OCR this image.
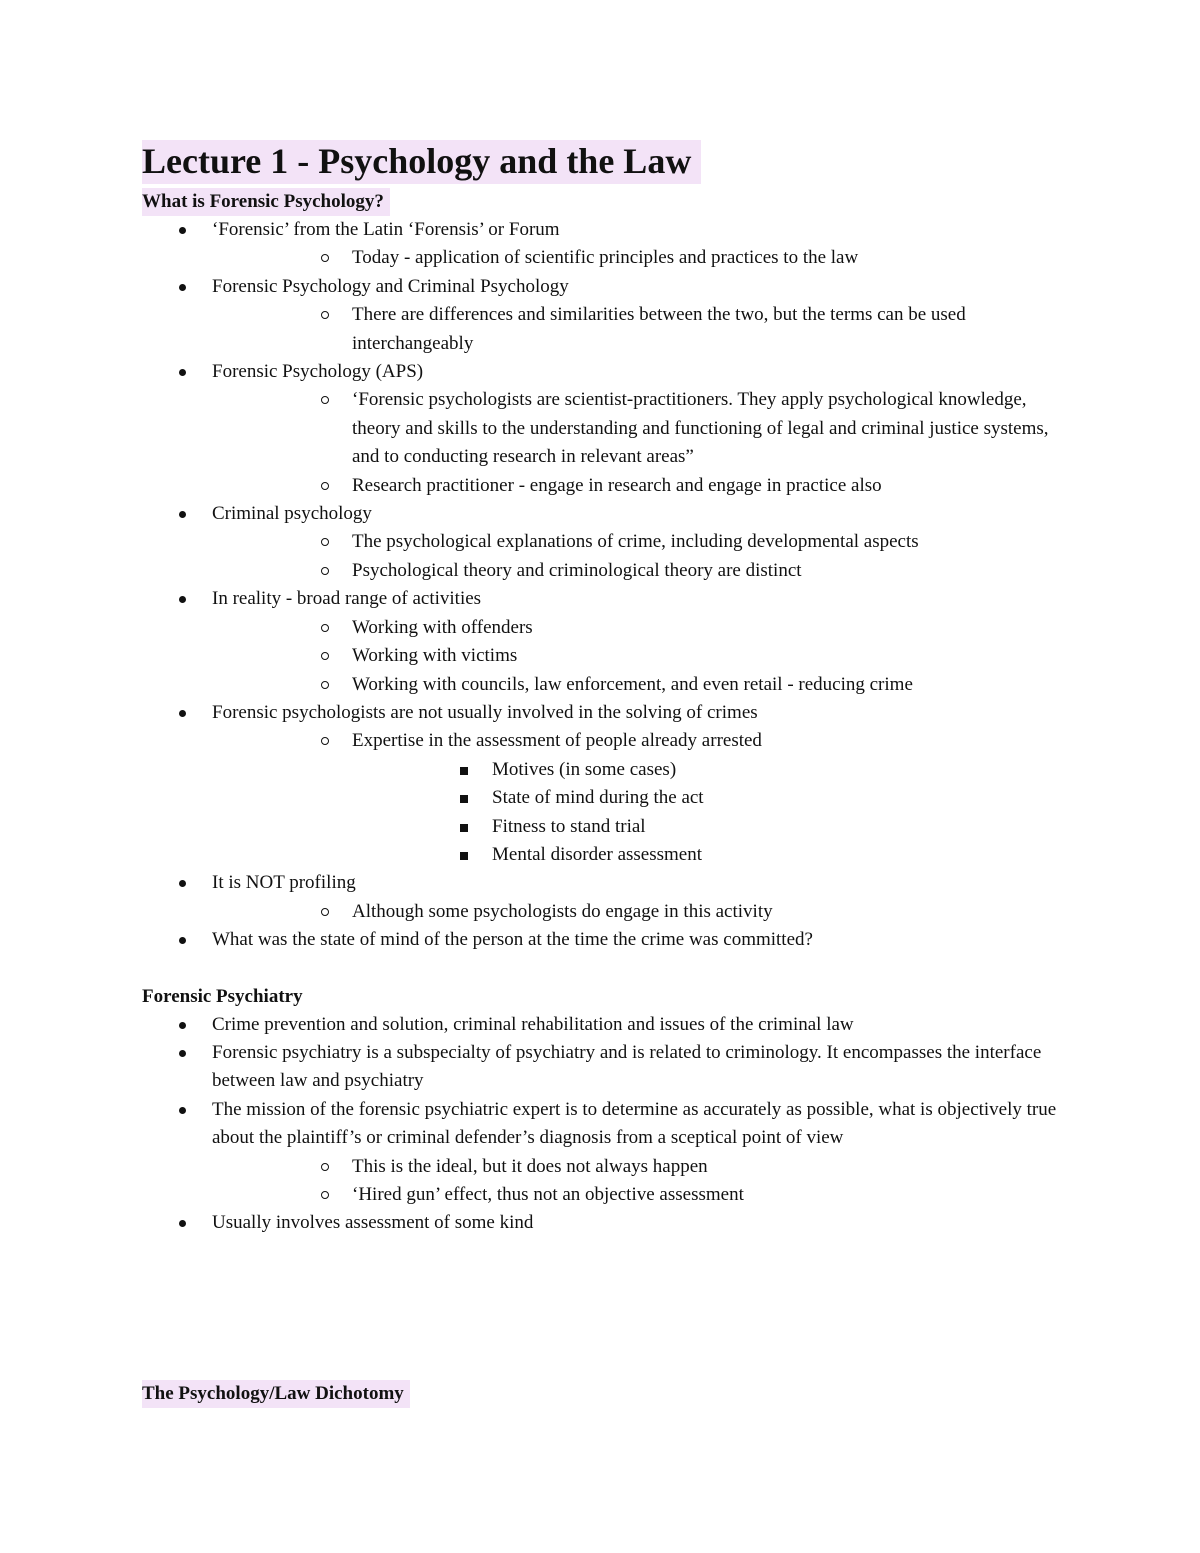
Lecture 1 - Psychology and the Law
What is Forensic Psychology?
‘Forensic’ from the Latin ‘Forensis’ or Forum
Today - application of scientific principles and practices to the law
Forensic Psychology and Criminal Psychology
There are differences and similarities between the two, but the terms can be used interchangeably
Forensic Psychology (APS)
‘Forensic psychologists are scientist-practitioners. They apply psychological knowledge, theory and skills to the understanding and functioning of legal and criminal justice systems, and to conducting research in relevant areas”
Research practitioner - engage in research and engage in practice also
Criminal psychology
The psychological explanations of crime, including developmental aspects
Psychological theory and criminological theory are distinct
In reality - broad range of activities
Working with offenders
Working with victims
Working with councils, law enforcement, and even retail - reducing crime
Forensic psychologists are not usually involved in the solving of crimes
Expertise in the assessment of people already arrested
Motives (in some cases)
State of mind during the act
Fitness to stand trial
Mental disorder assessment
It is NOT profiling
Although some psychologists do engage in this activity
What was the state of mind of the person at the time the crime was committed?
Forensic Psychiatry
Crime prevention and solution, criminal rehabilitation and issues of the criminal law
Forensic psychiatry is a subspecialty of psychiatry and is related to criminology. It encompasses the interface between law and psychiatry
The mission of the forensic psychiatric expert is to determine as accurately as possible, what is objectively true about the plaintiff’s or criminal defender’s diagnosis from a sceptical point of view
This is the ideal, but it does not always happen
‘Hired gun’ effect, thus not an objective assessment
Usually involves assessment of some kind
The Psychology/Law Dichotomy
